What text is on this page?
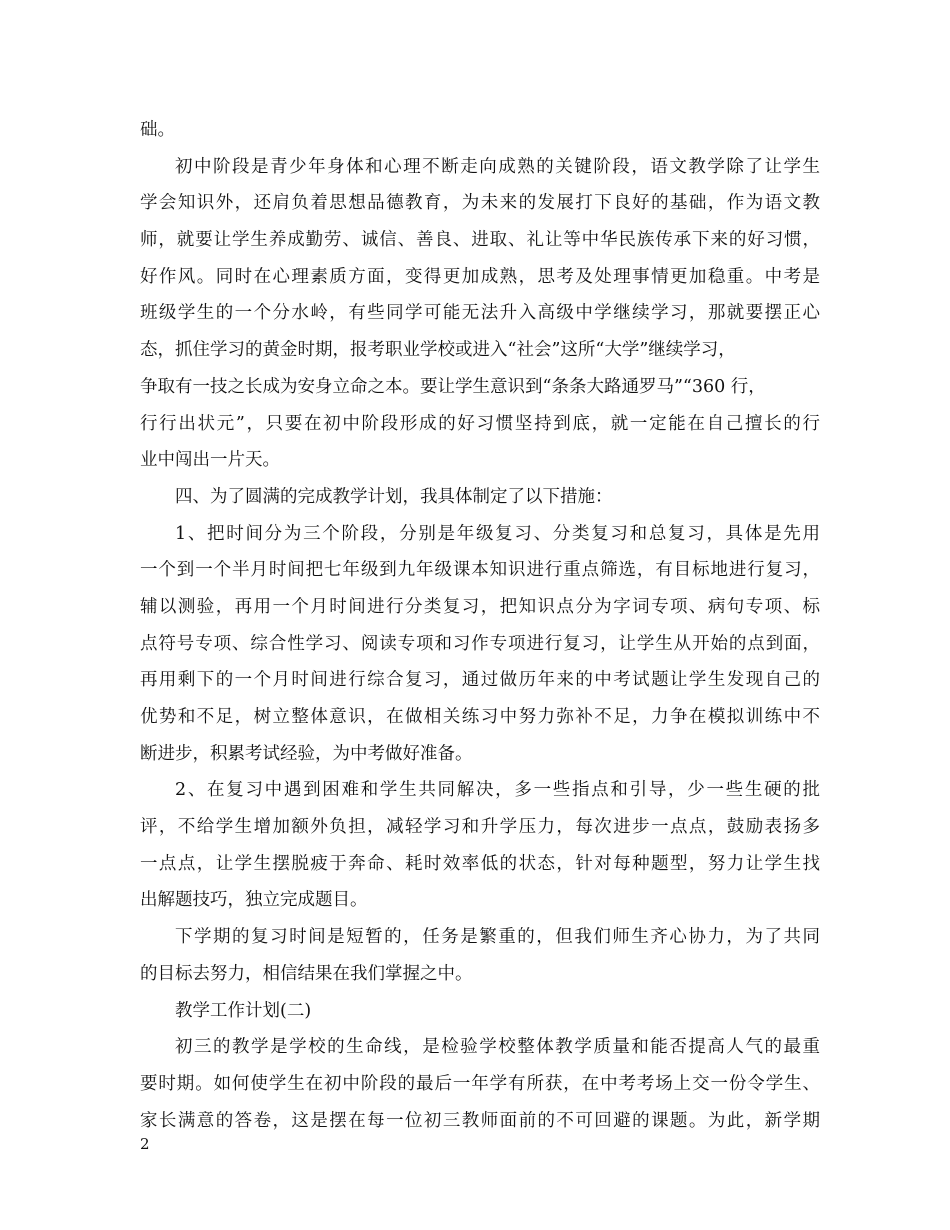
础。
初中阶段是青少年身体和心理不断走向成熟的关键阶段，语文教学除了让学生
学会知识外，还肩负着思想品德教育，为未来的发展打下良好的基础，作为语文教
师，就要让学生养成勤劳、诚信、善良、进取、礼让等中华民族传承下来的好习惯，
好作风。同时在心理素质方面，变得更加成熟，思考及处理事情更加稳重。中考是
班级学生的一个分水岭，有些同学可能无法升入高级中学继续学习，那就要摆正心
态，抓住学习的黄金时期，报考职业学校或进入“社会”这所“大学”继续学习，
争取有一技之长成为安身立命之本。要让学生意识到“条条大路通罗马”“360 行，
行行出状元”，只要在初中阶段形成的好习惯坚持到底，就一定能在自己擅长的行
业中闯出一片天。
四、为了圆满的完成教学计划，我具体制定了以下措施：
1、把时间分为三个阶段，分别是年级复习、分类复习和总复习，具体是先用
一个到一个半月时间把七年级到九年级课本知识进行重点筛选，有目标地进行复习，
辅以测验，再用一个月时间进行分类复习，把知识点分为字词专项、病句专项、标
点符号专项、综合性学习、阅读专项和习作专项进行复习，让学生从开始的点到面，
再用剩下的一个月时间进行综合复习，通过做历年来的中考试题让学生发现自己的
优势和不足，树立整体意识，在做相关练习中努力弥补不足，力争在模拟训练中不
断进步，积累考试经验，为中考做好准备。
2、在复习中遇到困难和学生共同解决，多一些指点和引导，少一些生硬的批
评，不给学生增加额外负担，减轻学习和升学压力，每次进步一点点，鼓励表扬多
一点点，让学生摆脱疲于奔命、耗时效率低的状态，针对每种题型，努力让学生找
出解题技巧，独立完成题目。
下学期的复习时间是短暂的，任务是繁重的，但我们师生齐心协力，为了共同
的目标去努力，相信结果在我们掌握之中。
教学工作计划(二)
初三的教学是学校的生命线，是检验学校整体教学质量和能否提高人气的最重
要时期。如何使学生在初中阶段的最后一年学有所获，在中考考场上交一份令学生、
家长满意的答卷，这是摆在每一位初三教师面前的不可回避的课题。为此，新学期
2
